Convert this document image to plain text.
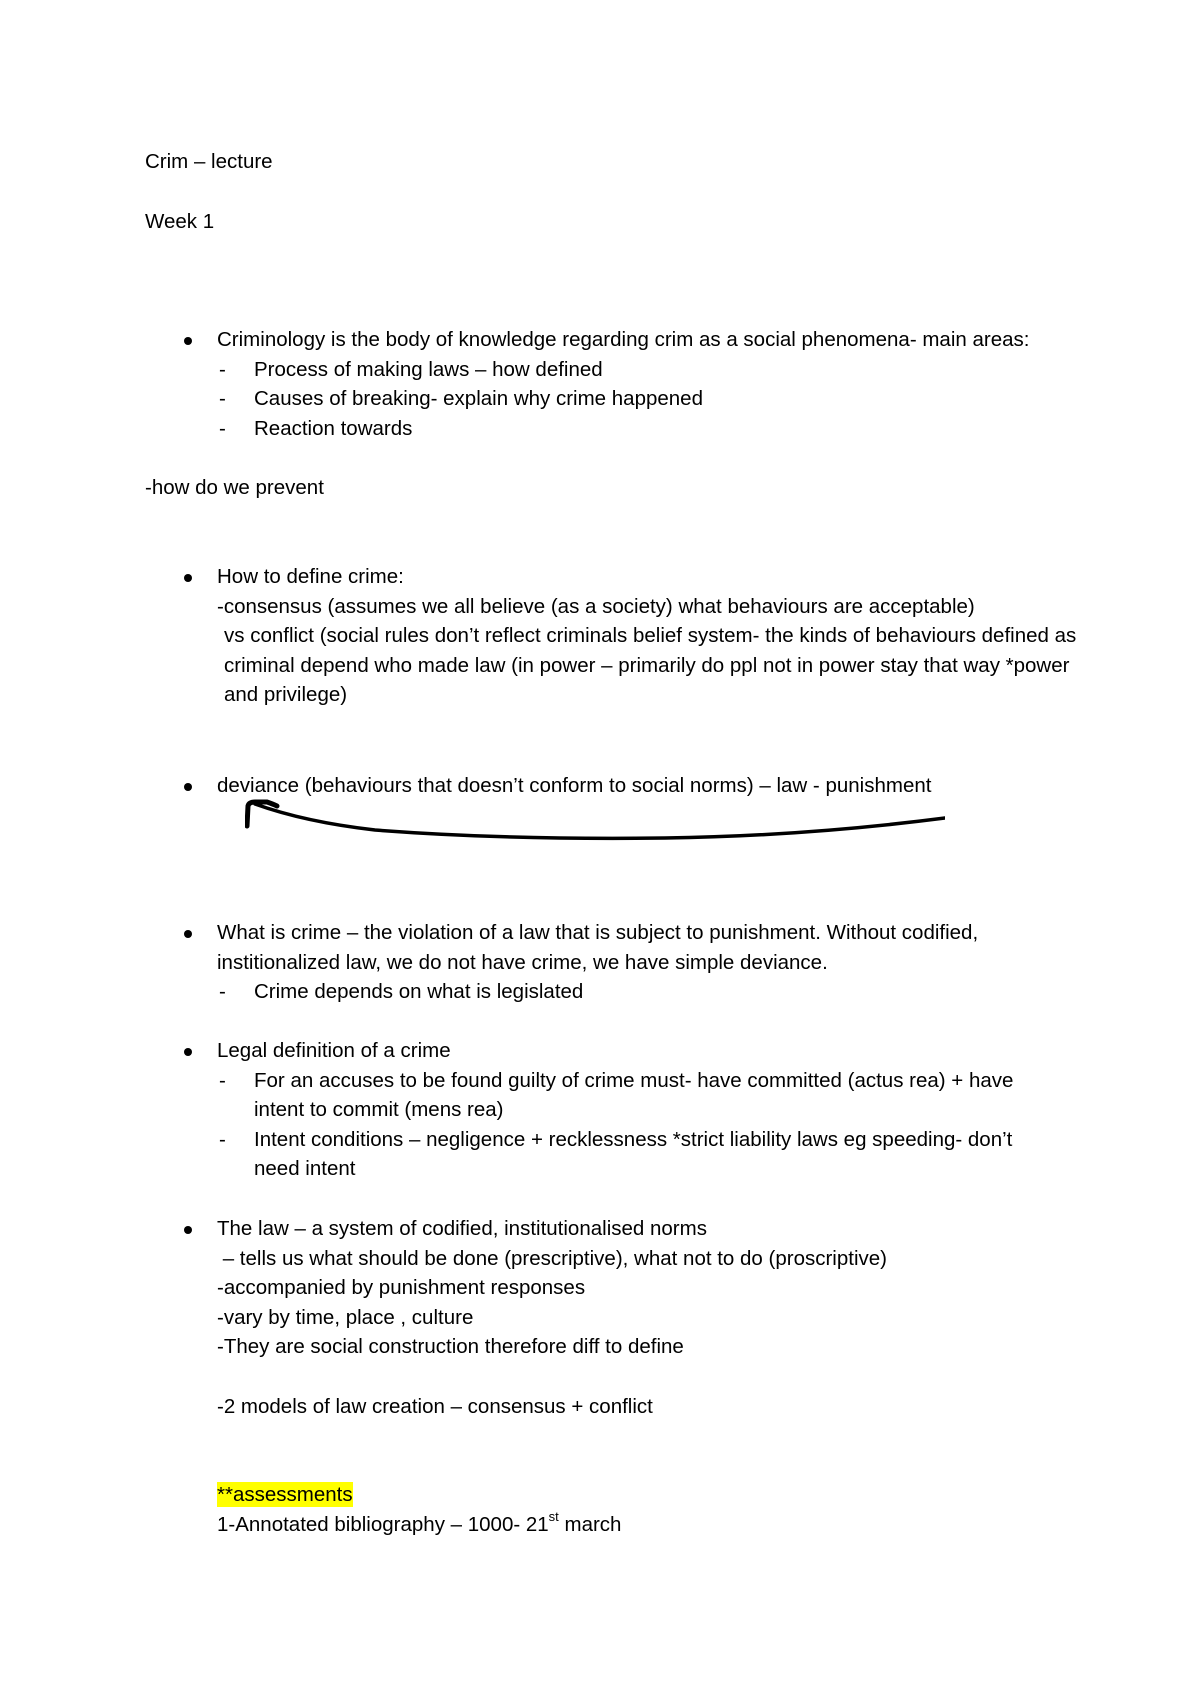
Crim – lecture

Week 1

Criminology is the body of knowledge regarding crim as a social phenomena- main areas:
- Process of making laws – how defined
- Causes of breaking- explain why crime happened
- Reaction towards
-how do we prevent
How to define crime:
-consensus (assumes we all believe (as a society) what behaviours are acceptable)
vs conflict (social rules don’t reflect criminals belief system- the kinds of behaviours defined as criminal depend who made law (in power – primarily do ppl not in power stay that way *power and privilege)
deviance (behaviours that doesn’t conform to social norms) – law - punishment
What is crime – the violation of a law that is subject to punishment. Without codified, institionalized law, we do not have crime, we have simple deviance.
- Crime depends on what is legislated
Legal definition of a crime
- For an accuses to be found guilty of crime must- have committed (actus rea) + have intent to commit (mens rea)
- Intent conditions – negligence + recklessness *strict liability laws eg speeding- don’t need intent
The law – a system of codified, institutionalised norms
– tells us what should be done (prescriptive), what not to do (proscriptive)
-accompanied by punishment responses
-vary by time, place , culture
-They are social construction therefore diff to define
-2 models of law creation – consensus + conflict
**assessments
1-Annotated bibliography – 1000- 21st march
